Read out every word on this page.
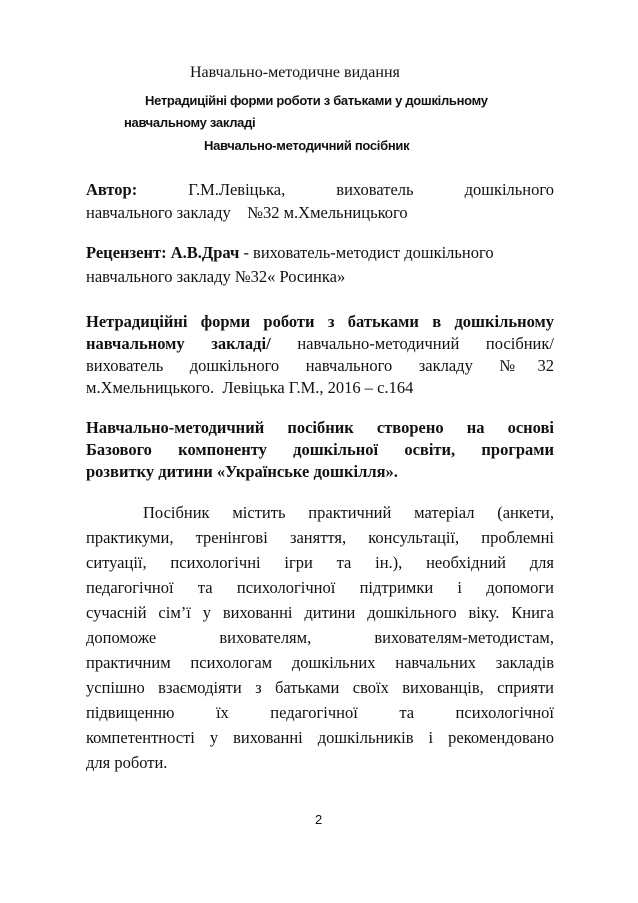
Навчально-методичне видання
Нетрадиційні форми роботи з батьками у дошкільному
навчальному закладі
Навчально-методичний посібник
Автор:	Г.М.Левіцька,	вихователь	дошкільного
навчального закладу    №32 м.Хмельницького
Рецензент: А.В.Драч - вихователь-методист дошкільного
навчального закладу №32« Росинка»
Нетрадиційні форми роботи з батьками в дошкільному
навчальному закладі/ навчально-методичний посібник/
вихователь дошкільного навчального закладу №32
м.Хмельницького.  Левіцька Г.М., 2016 – с.164
Навчально-методичний посібник створено на основі
Базового компоненту дошкільної освіти, програми
розвитку дитини «Українське дошкілля».
Посібник містить практичний матеріал (анкети,
практикуми, тренінгові заняття, консультації, проблемні
ситуації, психологічні ігри та ін.), необхідний для
педагогічної та психологічної підтримки і допомоги
сучасній сім’ї у вихованні дитини дошкільного віку. Книга
допоможе вихователям, вихователям-методистам,
практичним психологам дошкільних навчальних закладів
успішно взаємодіяти з батьками своїх вихованців, сприяти
підвищенню їх педагогічної та психологічної
компетентності у вихованні дошкільників і рекомендовано
для роботи.
2
